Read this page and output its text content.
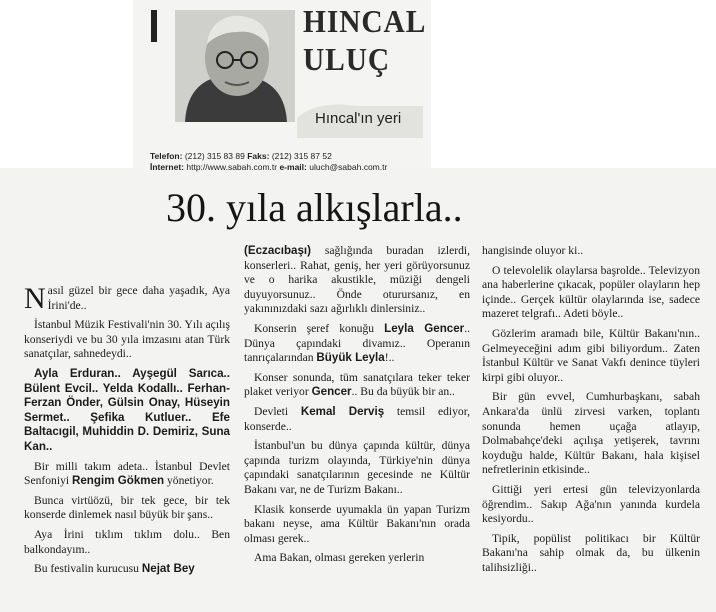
HINCAL
ULUÇ
Hıncal'ın yeri
Telefon: (212) 315 83 89 Faks: (212) 315 87 52
İnternet: http://www.sabah.com.tr e-mail: uluch@sabah.com.tr
30. yıla alkışlarla..

Nasıl güzel bir gece daha yaşadık, Aya İrini'de..

İstanbul Müzik Festivali'nin 30. Yılı açılış konseriydi ve bu 30 yıla imzasını atan Türk sanatçılar, sahnedeydi..

Ayla Erduran.. Ayşegül Sarıca.. Bülent Evcil.. Yelda Kodallı.. Ferhan-Ferzan Önder, Gülsin Onay, Hüseyin Sermet.. Şefika Kutluer.. Efe Baltacıgil, Muhiddin D. Demiriz, Suna Kan..

Bir milli takım adeta.. İstanbul Devlet Senfoniyi Rengim Gökmen yönetiyor.

Bunca virtüözü, bir tek gece, bir tek konserde dinlemek nasıl büyük bir şans..

Aya İrini tıklım tıklım dolu.. Ben balkondayım..

Bu festivalin kurucusu Nejat Bey

(Eczacıbaşı) sağlığında buradan izlerdi, konserleri.. Rahat, geniş, her yeri görüyorsunuz ve o harika akustikle, müziği dengeli duyuyorsunuz.. Önde oturursanız, en yakınınızdaki sazı ağırlıklı dinlersiniz..

Konserin şeref konuğu Leyla Gencer.. Dünya çapındaki divamız.. Operanın tanrıçalarından Büyük Leyla!..

Konser sonunda, tüm sanatçılara teker teker plaket veriyor Gencer.. Bu da büyük bir an..

Devleti Kemal Derviş temsil ediyor, konserde..

İstanbul'un bu dünya çapında kültür, dünya çapında turizm olayında, Türkiye'nin dünya çapındaki sanatçılarının gecesinde ne Kültür Bakanı var, ne de Turizm Bakanı..

Klasik konserde uyumakla ün yapan Turizm bakanı neyse, ama Kültür Bakanı'nın orada olması gerek..

Ama Bakan, olması gereken yerlerin

hangisinde oluyor ki..

O televolelik olaylarsa başrolde.. Televizyon ana haberlerine çıkacak, popüler olayların hep içinde.. Gerçek kültür olaylarında ise, sadece mazeret telgrafı.. Adeti böyle..

Gözlerim aramadı bile, Kültür Bakanı'nın.. Gelmeyeceğini adım gibi biliyordum.. Zaten İstanbul Kültür ve Sanat Vakfı denince tüyleri kirpi gibi oluyor..

Bir gün evvel, Cumhurbaşkanı, sabah Ankara'da ünlü zirvesi varken, toplantı sonunda hemen uçağa atlayıp, Dolmabahçe'deki açılışa yetişerek, tavrını koyduğu halde, Kültür Bakanı, hala kişisel nefretlerinin etkisinde..

Gittiği yeri ertesi gün televizyonlarda öğrendim.. Sakıp Ağa'nın yanında kurdela kesiyordu..

Tipik, popülist politikacı bir Kültür Bakanı'na sahip olmak da, bu ülkenin talihsizliği..
